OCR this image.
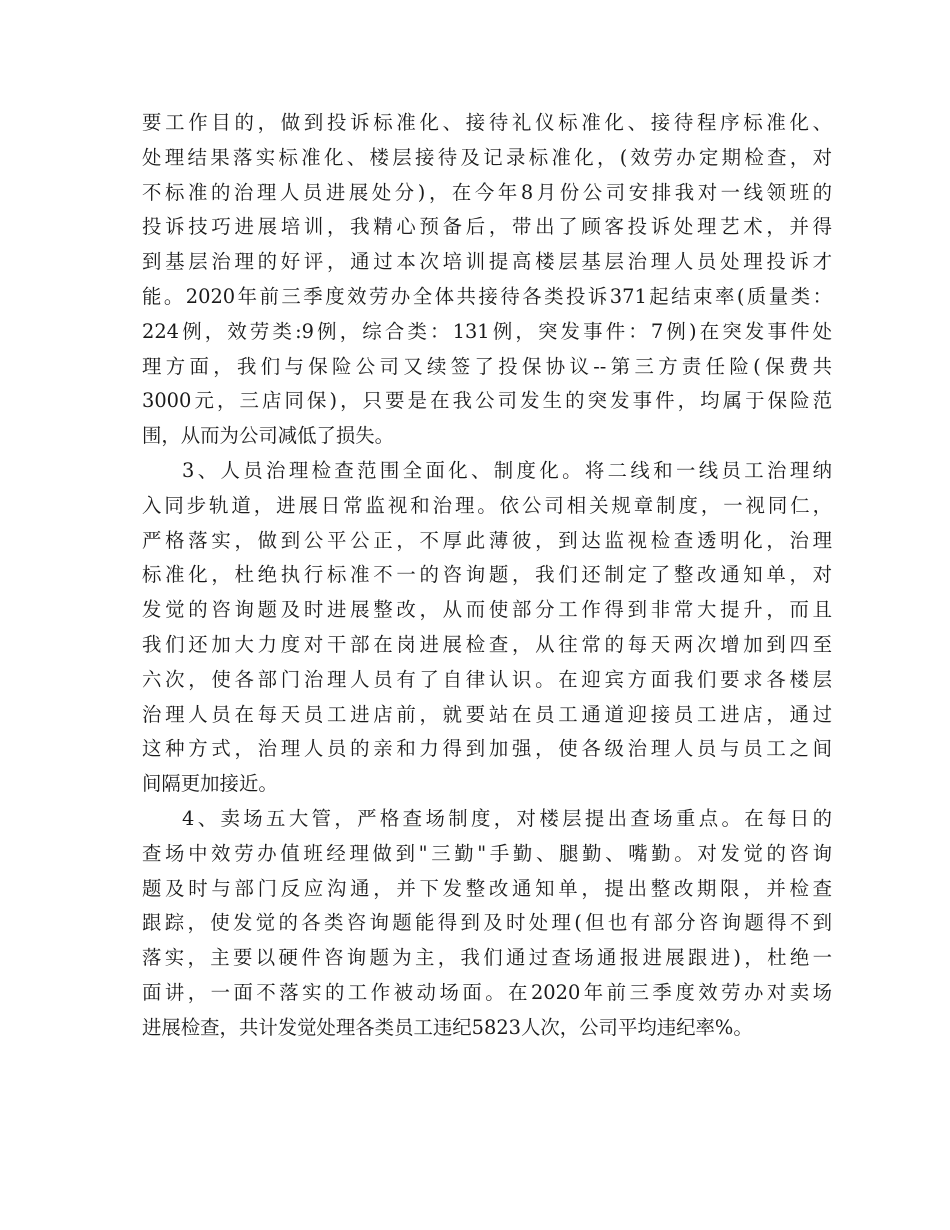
要工作目的，做到投诉标准化、接待礼仪标准化、接待程序标准化、
处理结果落实标准化、楼层接待及记录标准化，(效劳办定期检查，对
不标准的治理人员进展处分)，在今年8月份公司安排我对一线领班的
投诉技巧进展培训，我精心预备后，带出了顾客投诉处理艺术，并得
到基层治理的好评，通过本次培训提高楼层基层治理人员处理投诉才
能。2020年前三季度效劳办全体共接待各类投诉371起结束率(质量类：
224例，效劳类:9例，综合类：131例，突发事件：7例)在突发事件处
理方面，我们与保险公司又续签了投保协议--第三方责任险(保费共
3000元，三店同保)，只要是在我公司发生的突发事件，均属于保险范
围，从而为公司减低了损失。
3、人员治理检查范围全面化、制度化。将二线和一线员工治理纳
入同步轨道，进展日常监视和治理。依公司相关规章制度，一视同仁，
严格落实，做到公平公正，不厚此薄彼，到达监视检查透明化，治理
标准化，杜绝执行标准不一的咨询题，我们还制定了整改通知单，对
发觉的咨询题及时进展整改，从而使部分工作得到非常大提升，而且
我们还加大力度对干部在岗进展检查，从往常的每天两次增加到四至
六次，使各部门治理人员有了自律认识。在迎宾方面我们要求各楼层
治理人员在每天员工进店前，就要站在员工通道迎接员工进店，通过
这种方式，治理人员的亲和力得到加强，使各级治理人员与员工之间
间隔更加接近。
4、卖场五大管，严格查场制度，对楼层提出查场重点。在每日的
查场中效劳办值班经理做到"三勤"手勤、腿勤、嘴勤。对发觉的咨询
题及时与部门反应沟通，并下发整改通知单，提出整改期限，并检查
跟踪，使发觉的各类咨询题能得到及时处理(但也有部分咨询题得不到
落实，主要以硬件咨询题为主，我们通过查场通报进展跟进)，杜绝一
面讲，一面不落实的工作被动场面。在2020年前三季度效劳办对卖场
进展检查，共计发觉处理各类员工违纪5823人次，公司平均违纪率%。
